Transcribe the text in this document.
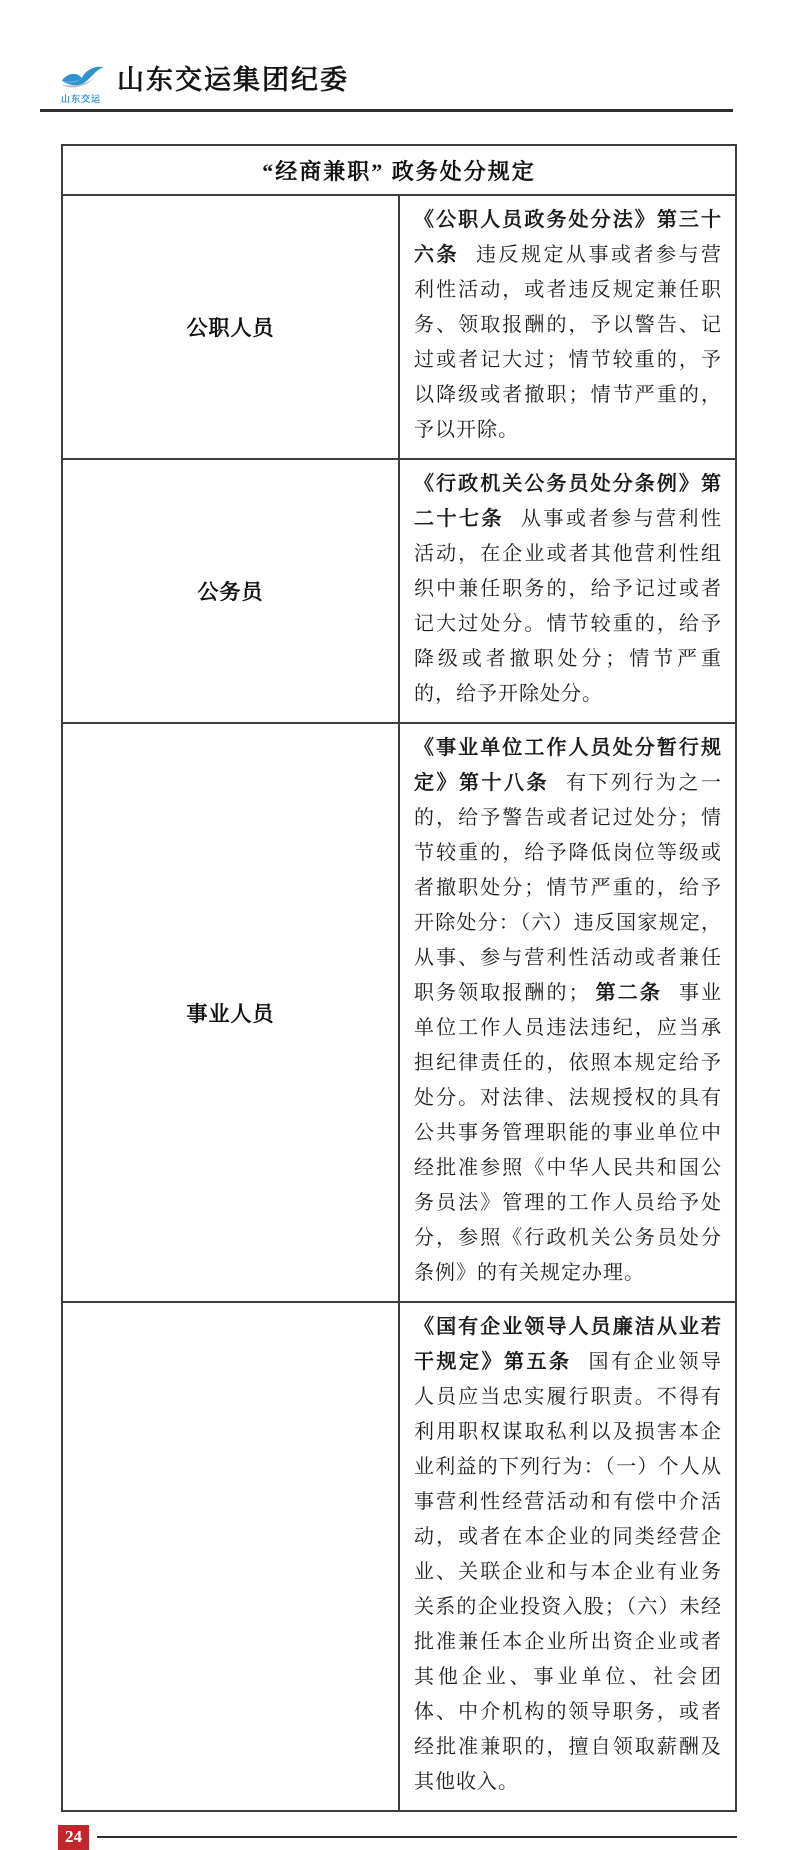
山东交运
山东交运集团纪委
“经商兼职” 政务处分规定	
公职人员	《公职人员政务处分法》第三十六条 违反规定从事或者参与营利性活动，或者违反规定兼任职务、领取报酬的，予以警告、记过或者记大过；情节较重的，予以降级或者撤职；情节严重的，予以开除。
公务员	《行政机关公务员处分条例》第二十七条 从事或者参与营利性活动，在企业或者其他营利性组织中兼任职务的，给予记过或者记大过处分。情节较重的，给予降级或者撤职处分；情节严重的，给予开除处分。
事业人员	《事业单位工作人员处分暂行规定》第十八条 有下列行为之一的，给予警告或者记过处分；情节较重的，给予降低岗位等级或者撤职处分；情节严重的，给予开除处分：（六）违反国家规定，从事、参与营利性活动或者兼任职务领取报酬的； 第二条 事业单位工作人员违法违纪，应当承担纪律责任的，依照本规定给予处分。对法律、法规授权的具有公共事务管理职能的事业单位中经批准参照《中华人民共和国公务员法》管理的工作人员给予处分，参照《行政机关公务员处分条例》的有关规定办理。
	《国有企业领导人员廉洁从业若干规定》第五条 国有企业领导人员应当忠实履行职责。不得有利用职权谋取私利以及损害本企业利益的下列行为：（一）个人从事营利性经营活动和有偿中介活动，或者在本企业的同类经营企业、关联企业和与本企业有业务关系的企业投资入股；（六）未经批准兼任本企业所出资企业或者其他企业、事业单位、社会团体、中介机构的领导职务，或者经批准兼职的，擅自领取薪酬及其他收入。
24
